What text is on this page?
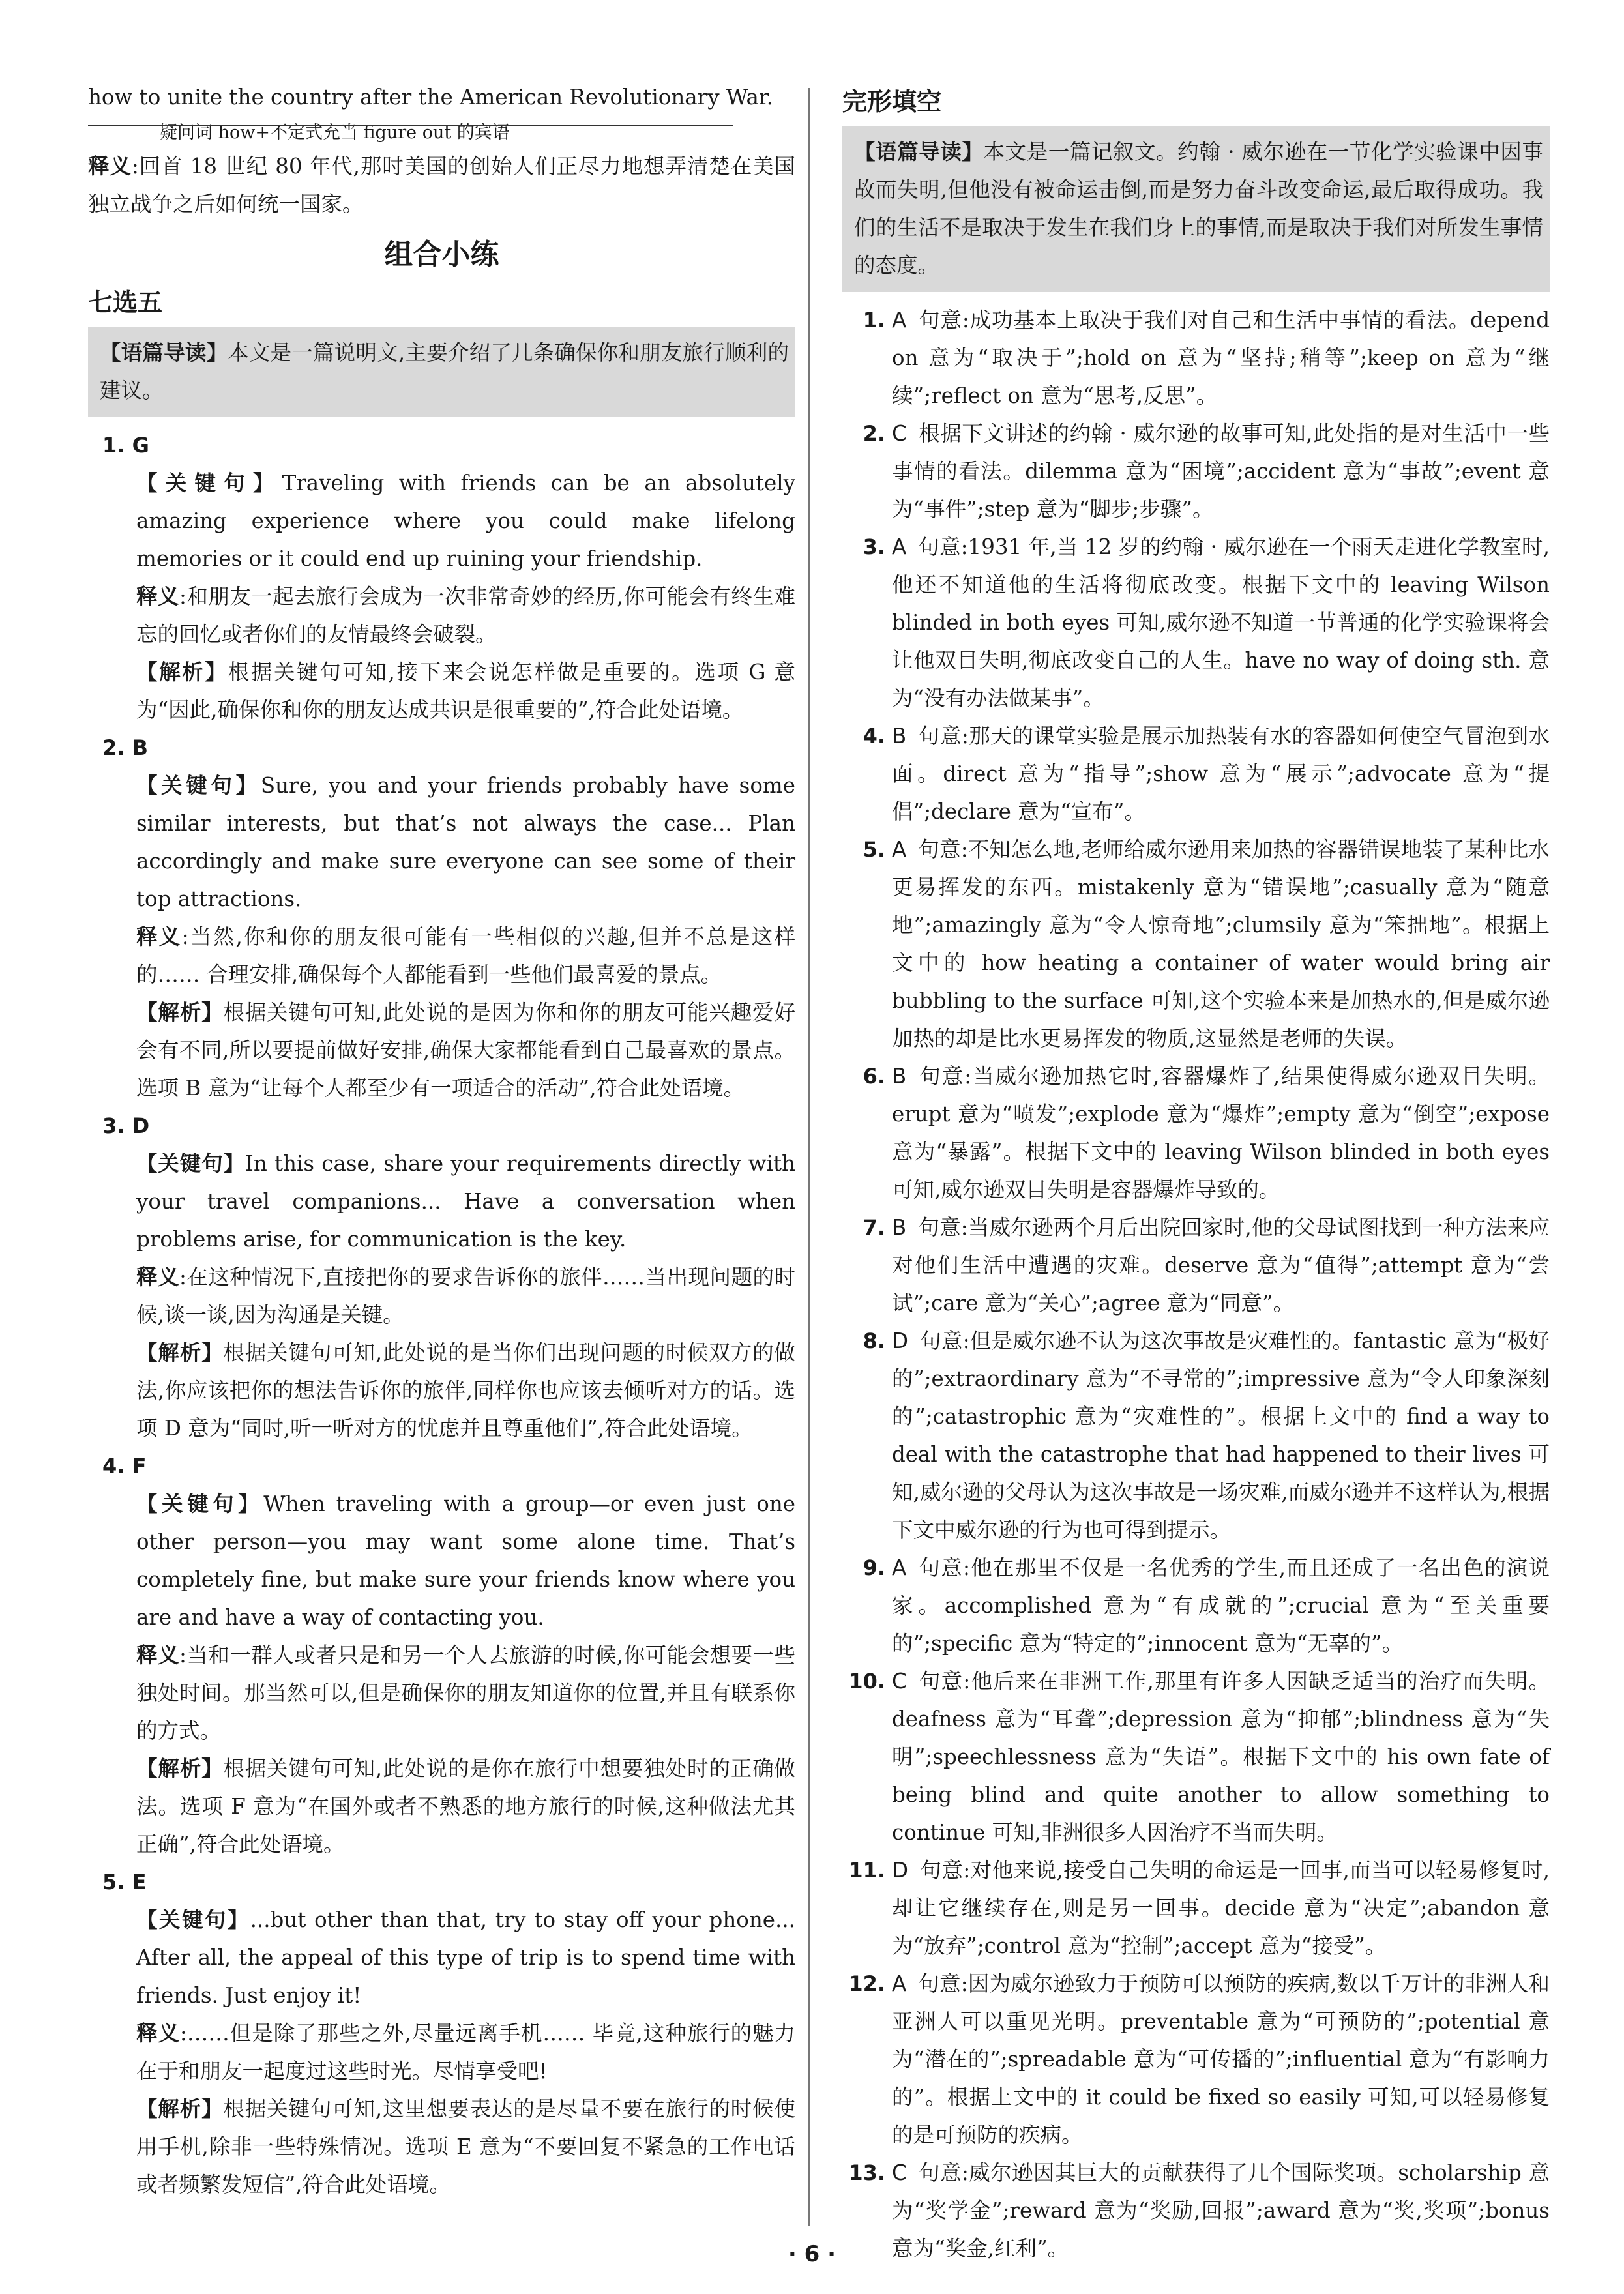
how to unite the country after the American Revolutionary War.

疑问词 how+不定式充当 figure out 的宾语

释义:回首 18 世纪 80 年代,那时美国的创始人们正尽力地想弄清楚在美国独立战争之后如何统一国家。

组合小练
七选五
【语篇导读】本文是一篇说明文,主要介绍了几条确保你和朋友旅行顺利的建议。
1. G

【关键句】Traveling with friends can be an absolutely amazing experience where you could make lifelong memories or it could end up ruining your friendship.

释义:和朋友一起去旅行会成为一次非常奇妙的经历,你可能会有终生难忘的回忆或者你们的友情最终会破裂。

【解析】根据关键句可知,接下来会说怎样做是重要的。选项 G 意为“因此,确保你和你的朋友达成共识是很重要的”,符合此处语境。

2. B

【关键句】Sure, you and your friends probably have some similar interests, but that’s not always the case... Plan accordingly and make sure everyone can see some of their top attractions.

释义:当然,你和你的朋友很可能有一些相似的兴趣,但并不总是这样的…… 合理安排,确保每个人都能看到一些他们最喜爱的景点。

【解析】根据关键句可知,此处说的是因为你和你的朋友可能兴趣爱好会有不同,所以要提前做好安排,确保大家都能看到自己最喜欢的景点。选项 B 意为“让每个人都至少有一项适合的活动”,符合此处语境。

3. D

【关键句】In this case, share your requirements directly with your travel companions... Have a conversation when problems arise, for communication is the key.

释义:在这种情况下,直接把你的要求告诉你的旅伴……当出现问题的时候,谈一谈,因为沟通是关键。

【解析】根据关键句可知,此处说的是当你们出现问题的时候双方的做法,你应该把你的想法告诉你的旅伴,同样你也应该去倾听对方的话。选项 D 意为“同时,听一听对方的忧虑并且尊重他们”,符合此处语境。

4. F

【关键句】When traveling with a group—or even just one other person—you may want some alone time. That’s completely fine, but make sure your friends know where you are and have a way of contacting you.

释义:当和一群人或者只是和另一个人去旅游的时候,你可能会想要一些独处时间。那当然可以,但是确保你的朋友知道你的位置,并且有联系你的方式。

【解析】根据关键句可知,此处说的是你在旅行中想要独处时的正确做法。选项 F 意为“在国外或者不熟悉的地方旅行的时候,这种做法尤其正确”,符合此处语境。

5. E

【关键句】...but other than that, try to stay off your phone... After all, the appeal of this type of trip is to spend time with friends. Just enjoy it!

释义:……但是除了那些之外,尽量远离手机…… 毕竟,这种旅行的魅力在于和朋友一起度过这些时光。尽情享受吧!

【解析】根据关键句可知,这里想要表达的是尽量不要在旅行的时候使用手机,除非一些特殊情况。选项 E 意为“不要回复不紧急的工作电话或者频繁发短信”,符合此处语境。

完形填空
【语篇导读】本文是一篇记叙文。约翰 · 威尔逊在一节化学实验课中因事故而失明,但他没有被命运击倒,而是努力奋斗改变命运,最后取得成功。我们的生活不是取决于发生在我们身上的事情,而是取决于我们对所发生事情的态度。
1. A 句意:成功基本上取决于我们对自己和生活中事情的看法。depend on 意为“取决于”;hold on 意为“坚持;稍等”;keep on 意为“继续”;reflect on 意为“思考,反思”。
2. C 根据下文讲述的约翰 · 威尔逊的故事可知,此处指的是对生活中一些事情的看法。dilemma 意为“困境”;accident 意为“事故”;event 意为“事件”;step 意为“脚步;步骤”。
3. A 句意:1931 年,当 12 岁的约翰 · 威尔逊在一个雨天走进化学教室时,他还不知道他的生活将彻底改变。根据下文中的 leaving Wilson blinded in both eyes 可知,威尔逊不知道一节普通的化学实验课将会让他双目失明,彻底改变自己的人生。have no way of doing sth. 意为“没有办法做某事”。
4. B 句意:那天的课堂实验是展示加热装有水的容器如何使空气冒泡到水面。direct 意为“指导”;show 意为“展示”;advocate 意为“提倡”;declare 意为“宣布”。
5. A 句意:不知怎么地,老师给威尔逊用来加热的容器错误地装了某种比水更易挥发的东西。mistakenly 意为“错误地”;casually 意为“随意地”;amazingly 意为“令人惊奇地”;clumsily 意为“笨拙地”。根据上文中的 how heating a container of water would bring air bubbling to the surface 可知,这个实验本来是加热水的,但是威尔逊加热的却是比水更易挥发的物质,这显然是老师的失误。
6. B 句意:当威尔逊加热它时,容器爆炸了,结果使得威尔逊双目失明。erupt 意为“喷发”;explode 意为“爆炸”;empty 意为“倒空”;expose 意为“暴露”。根据下文中的 leaving Wilson blinded in both eyes 可知,威尔逊双目失明是容器爆炸导致的。
7. B 句意:当威尔逊两个月后出院回家时,他的父母试图找到一种方法来应对他们生活中遭遇的灾难。deserve 意为“值得”;attempt 意为“尝试”;care 意为“关心”;agree 意为“同意”。
8. D 句意:但是威尔逊不认为这次事故是灾难性的。fantastic 意为“极好的”;extraordinary 意为“不寻常的”;impressive 意为“令人印象深刻的”;catastrophic 意为“灾难性的”。根据上文中的 find a way to deal with the catastrophe that had happened to their lives 可知,威尔逊的父母认为这次事故是一场灾难,而威尔逊并不这样认为,根据下文中威尔逊的行为也可得到提示。
9. A 句意:他在那里不仅是一名优秀的学生,而且还成了一名出色的演说家。accomplished 意为“有成就的”;crucial 意为“至关重要的”;specific 意为“特定的”;innocent 意为“无辜的”。
10. C 句意:他后来在非洲工作,那里有许多人因缺乏适当的治疗而失明。deafness 意为“耳聋”;depression 意为“抑郁”;blindness 意为“失明”;speechlessness 意为“失语”。根据下文中的 his own fate of being blind and quite another to allow something to continue 可知,非洲很多人因治疗不当而失明。
11. D 句意:对他来说,接受自己失明的命运是一回事,而当可以轻易修复时,却让它继续存在,则是另一回事。decide 意为“决定”;abandon 意为“放弃”;control 意为“控制”;accept 意为“接受”。
12. A 句意:因为威尔逊致力于预防可以预防的疾病,数以千万计的非洲人和亚洲人可以重见光明。preventable 意为“可预防的”;potential 意为“潜在的”;spreadable 意为“可传播的”;influential 意为“有影响力的”。根据上文中的 it could be fixed so easily 可知,可以轻易修复的是可预防的疾病。
13. C 句意:威尔逊因其巨大的贡献获得了几个国际奖项。scholarship 意为“奖学金”;reward 意为“奖励,回报”;award 意为“奖,奖项”;bonus 意为“奖金,红利”。
· 6 ·
